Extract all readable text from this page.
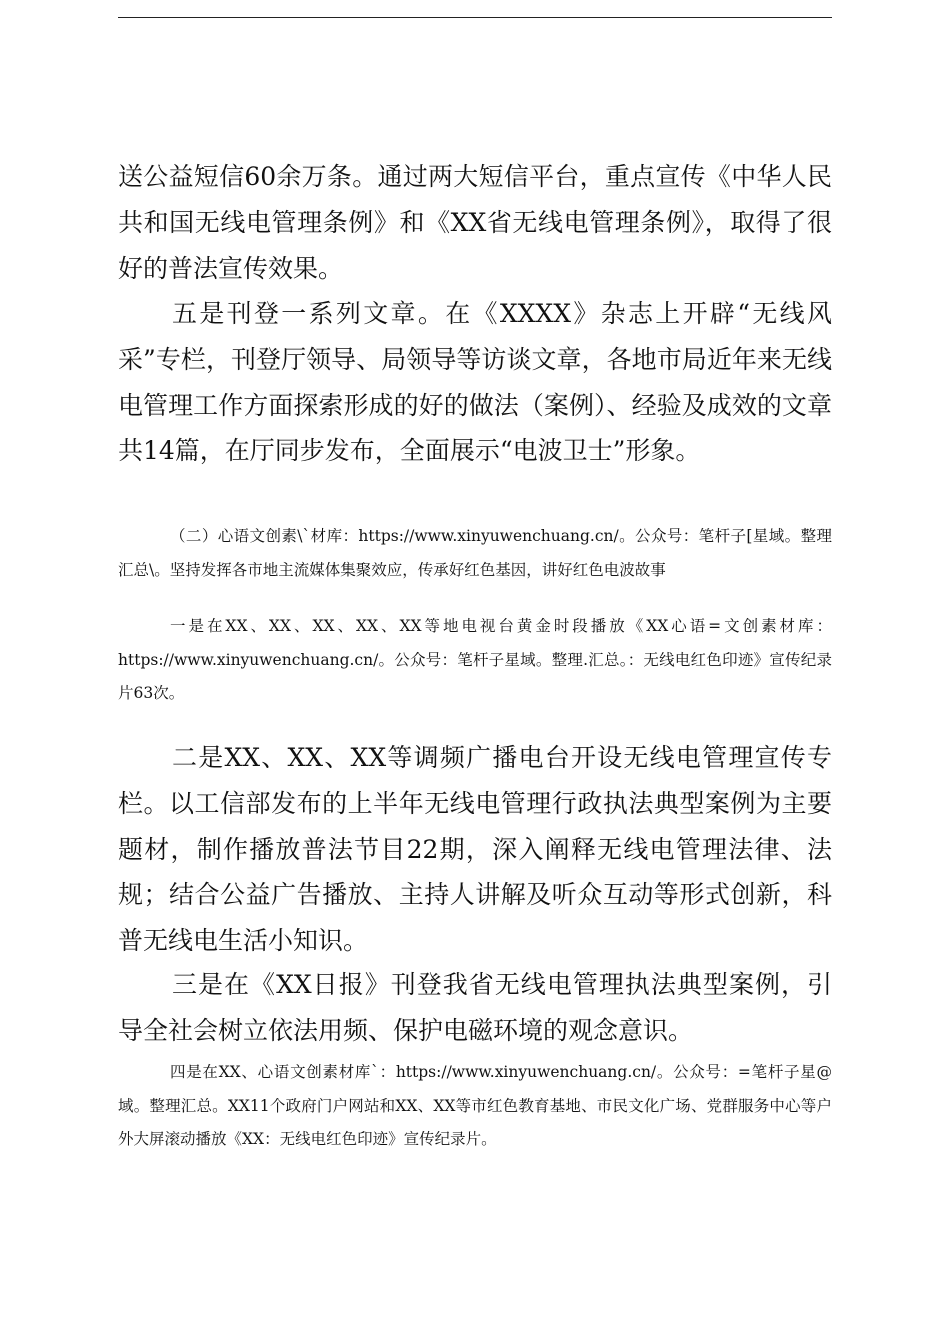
送公益短信60余万条。通过两大短信平台，重点宣传《中华人民共和国无线电管理条例》和《XX省无线电管理条例》，取得了很好的普法宣传效果。

五是刊登一系列文章。在《XXXX》杂志上开辟“无线风采”专栏，刊登厅领导、局领导等访谈文章，各地市局近年来无线电管理工作方面探索形成的好的做法（案例）、经验及成效的文章共14篇，在厅同步发布，全面展示“电波卫士”形象。

（二）心语文创素\`材库：https://www.xinyuwenchuang.cn/。公众号：笔杆子[星域。整理汇总\。坚持发挥各市地主流媒体集聚效应，传承好红色基因，讲好红色电波故事

一是在XX、XX、XX、XX、XX等地电视台黄金时段播放《XX心语=文创素材库：https://www.xinyuwenchuang.cn/。公众号：笔杆子星域。整理.汇总。：无线电红色印迹》宣传纪录片63次。

二是XX、XX、XX等调频广播电台开设无线电管理宣传专栏。以工信部发布的上半年无线电管理行政执法典型案例为主要题材，制作播放普法节目22期，深入阐释无线电管理法律、法规；结合公益广告播放、主持人讲解及听众互动等形式创新，科普无线电生活小知识。

三是在《XX日报》刊登我省无线电管理执法典型案例，引导全社会树立依法用频、保护电磁环境的观念意识。

四是在XX、心语文创素材库`：https://www.xinyuwenchuang.cn/。公众号：=笔杆子星@域。整理汇总。XX11个政府门户网站和XX、XX等市红色教育基地、市民文化广场、党群服务中心等户外大屏滚动播放《XX：无线电红色印迹》宣传纪录片。
